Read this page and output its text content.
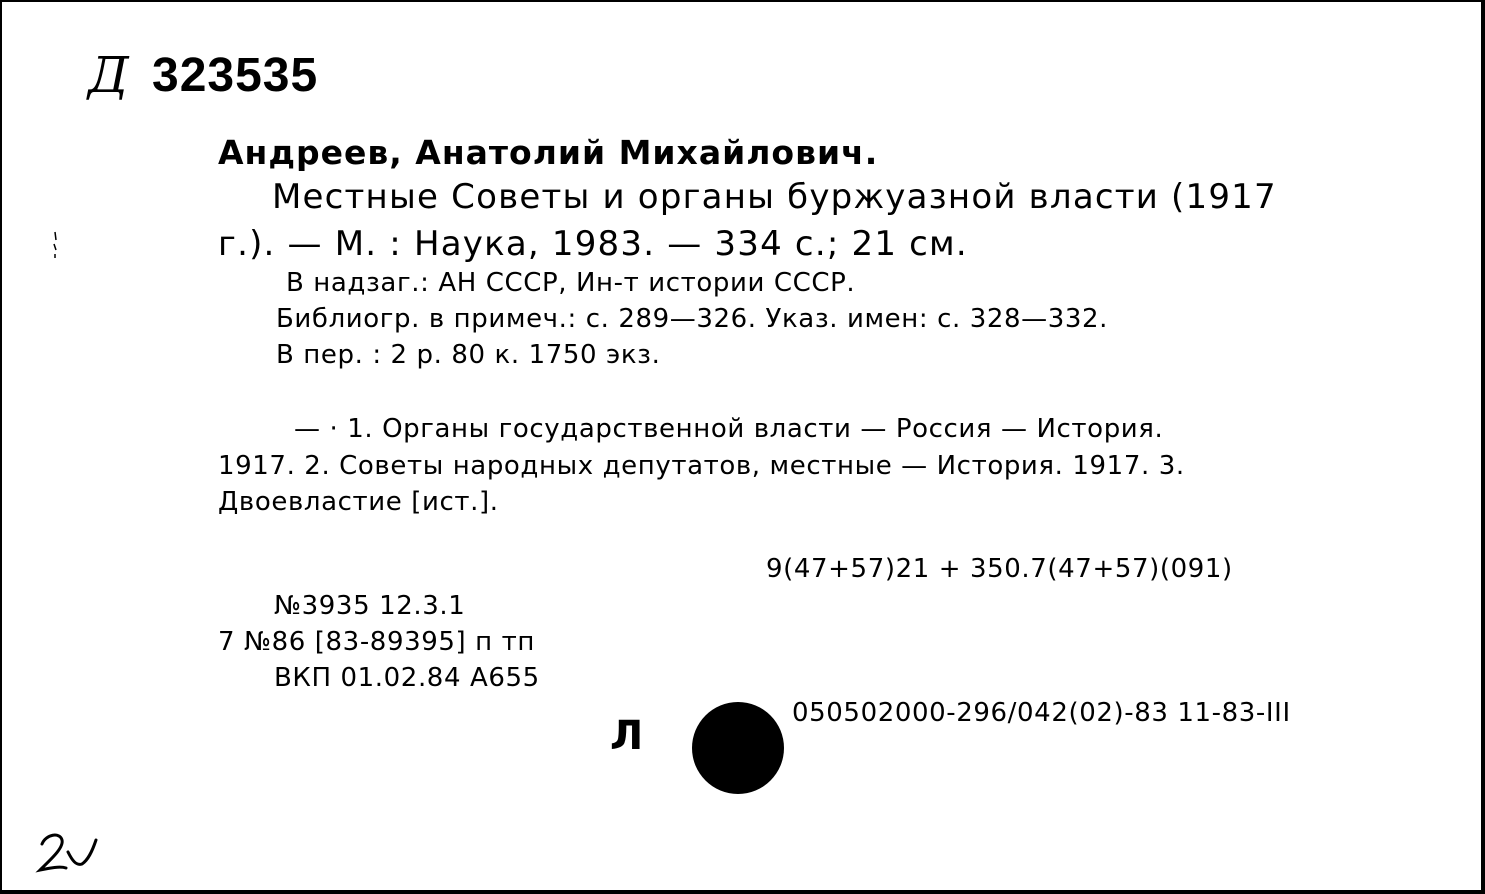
Д 323535
Андреев, Анатолий Михайлович.
Местные Советы и органы буржуазной власти (1917
г.). — М. : Наука, 1983. — 334 с.; 21 см.
В надзаг.: АН СССР, Ин-т истории СССР.
Библиогр. в примеч.: с. 289—326. Указ. имен: с. 328—332.
В пер. : 2 р. 80 к. 1750 экз.
— · 1. Органы государственной власти — Россия — История.
1917. 2. Советы народных депутатов, местные — История. 1917. 3.
Двоевластие [ист.].
9(47+57)21 + 350.7(47+57)(091)
№3935 12.3.1
7 №86 [83-89395] п тп
ВКП 01.02.84 А655
Л	050502000-296/042(02)-83 11-83-III
